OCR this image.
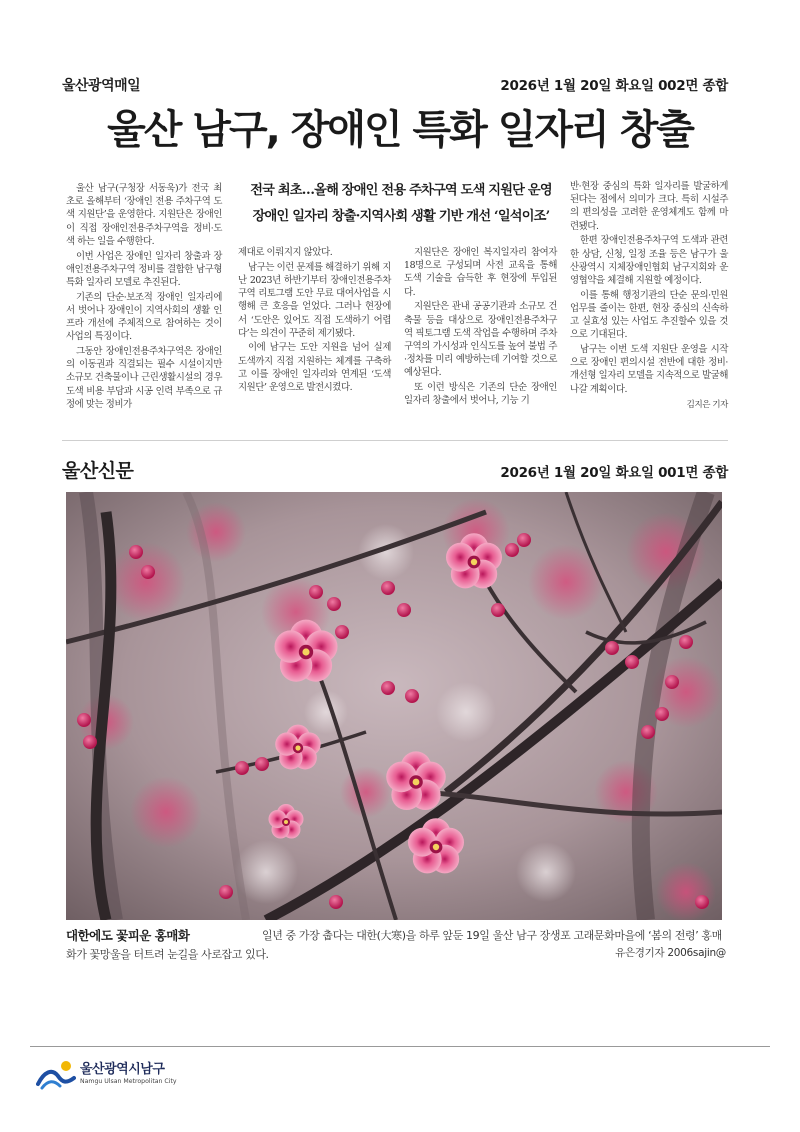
울산광역매일	2026년 1월 20일 화요일 002면 종합
울산 남구, 장애인 특화 일자리 창출
전국 최초…올해 장애인 전용 주차구역 도색 지원단 운영
장애인 일자리 창출·지역사회 생활 기반 개선 ‘일석이조’

울산 남구(구청장 서동욱)가 전국 최초로 올해부터 ‘장애인 전용 주차구역 도색 지원단’을 운영한다. 지원단은 장애인이 직접 장애인전용주차구역을 정비·도색 하는 일을 수행한다.

이번 사업은 장애인 일자리 창출과 장애인전용주차구역 정비를 결합한 남구형 특화 일자리 모델로 추진된다.

기존의 단순·보조적 장애인 일자리에서 벗어나 장애인이 지역사회의 생활 인프라 개선에 주체적으로 참여하는 것이 사업의 특징이다.

그동안 장애인전용주차구역은 장애인의 이동권과 직결되는 필수 시설이지만 소규모 건축물이나 근린생활시설의 경우 도색 비용 부담과 시공 인력 부족으로 규정에 맞는 정비가

제대로 이뤄지지 않았다.

남구는 이런 문제를 해결하기 위해 지난 2023년 하반기부터 장애인전용주차구역 리토그램 도안 무료 대여사업을 시행해 큰 호응을 얻었다. 그러나 현장에서 ‘도안은 있어도 직접 도색하기 어렵다’는 의견이 꾸준히 제기됐다.

이에 남구는 도안 지원을 넘어 실제 도색까지 직접 지원하는 체계를 구축하고 이를 장애인 일자리와 연계된 ‘도색 지원단’ 운영으로 발전시켰다.

지원단은 장애인 복지일자리 참여자 18명으로 구성되며 사전 교육을 통해 도색 기술을 습득한 후 현장에 투입된다.

지원단은 관내 공공기관과 소규모 건축물 등을 대상으로 장애인전용주차구역 픽토그램 도색 작업을 수행하며 주차구역의 가시성과 인식도를 높여 불법 주·정차를 미리 예방하는데 기여할 것으로 예상된다.

또 이런 방식은 기존의 단순 장애인 일자리 창출에서 벗어나, 기능 기

반·현장 중심의 특화 일자리를 발굴하게 된다는 점에서 의미가 크다. 특히 시설주의 편의성을 고려한 운영체계도 함께 마련됐다.

한편 장애인전용주차구역 도색과 관련한 상담, 신청, 일정 조율 등은 남구가 울산광역시 지체장애인협회 남구지회와 운영협약을 체결해 지원할 예정이다.

이를 통해 행정기관의 단순 문의·민원 업무를 줄이는 한편, 현장 중심의 신속하고 실효성 있는 사업도 추진할수 있을 것으로 기대된다.

남구는 이번 도색 지원단 운영을 시작으로 장애인 편의시설 전반에 대한 정비·개선형 일자리 모델을 지속적으로 발굴해 나갈 계획이다.

김지은 기자
울산신문	2026년 1월 20일 화요일 001면 종합
일년 중 가장 춥다는 대한(大寒)을 하루 앞둔 19일 울산 남구 장생포 고래문화마을에 ‘봄의 전령’ 홍매화가 꽃망울을 터트려 눈길을 사로잡고 있다.
대한에도 꽃피운 홍매화
유은경기자 2006sajin@
울산광역시남구
Namgu Ulsan Metropolitan City
